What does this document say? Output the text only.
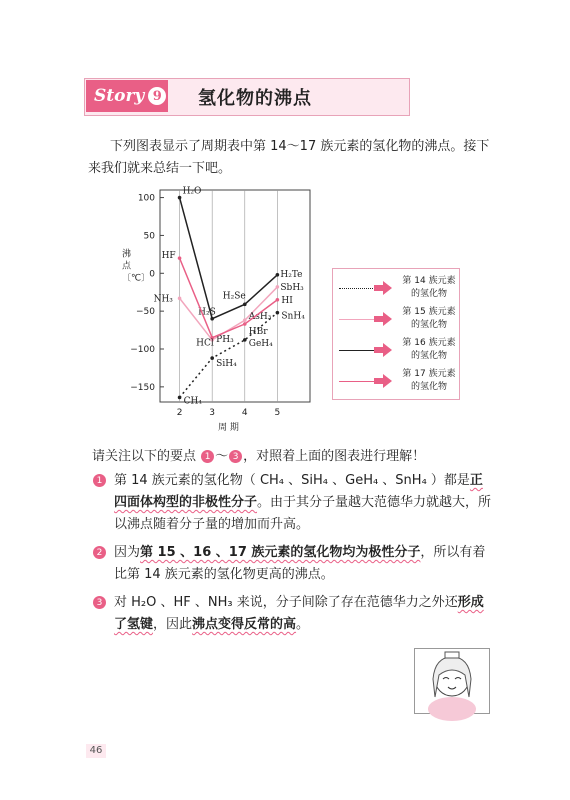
Story 9 氢化物的沸点
下列图表显示了周期表中第 14～17 族元素的氢化物的沸点。接下来我们就来总结一下吧。
100
50
0
−50
−100
−150
2	3	4	5
周 期
沸
点
〔℃〕
CH₄
SiH₄
GeH₄
SnH₄
NH₃
PH₃
AsH₃
SbH₃
H₂O
H₂S
H₂Se
H₂Te
HF
HCl
HBr
HI
第 14 族元素的氢化物
第 15 族元素的氢化物
第 16 族元素的氢化物
第 17 族元素的氢化物
请关注以下的要点 1 ～ 3 ，对照着上面的图表进行理解！
1 第 14 族元素的氢化物（ CH₄ 、SiH₄ 、GeH₄ 、SnH₄ ）都是正四面体构型的非极性分子。由于其分子量越大范德华力就越大，所以沸点随着分子量的增加而升高。
2 因为第 15 、16 、17 族元素的氢化物均为极性分子，所以有着比第 14 族元素的氢化物更高的沸点。
3 对 H₂O 、HF 、NH₃ 来说，分子间除了存在范德华力之外还形成了氢键，因此沸点变得反常的高。
46
